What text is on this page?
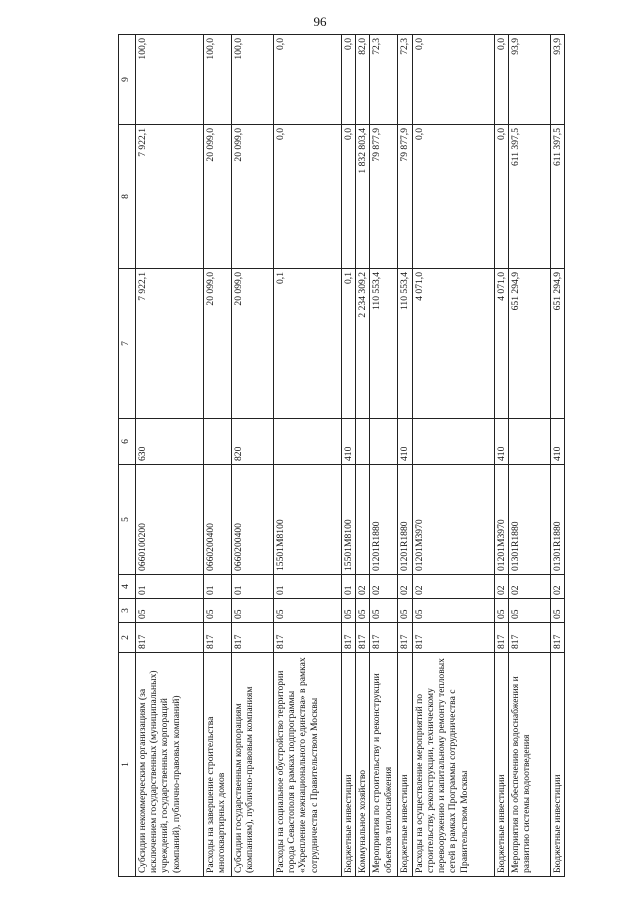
96
1	2	3	4	5	6	7	8	9
Субсидии некоммерческим организациям (за исключением государственных (муниципальных) учреждений, государственных корпораций (компаний), публично-правовых компаний)	817	05	01	0660100200	630	7 922,1	7 922,1	100,0
Расходы на завершение строительства многоквартирных домов	817	05	01	0660200400		20 099,0	20 099,0	100,0
Субсидии государственным корпорациям (компаниям), публично-правовым компаниям	817	05	01	0660200400	820	20 099,0	20 099,0	100,0
Расходы на социальное обустройство территории города Севастополя в рамках подпрограммы «Укрепление межнационального единства» в рамках сотрудничества с Правительством Москвы	817	05	01	15501M8100		0,1	0,0	0,0
Бюджетные инвестиции	817	05	01	15501M8100	410	0,1	0,0	0,0
Коммунальное хозяйство	817	05	02			2 234 309,2	1 832 803,4	82,0
Мероприятия по строительству и реконструкции объектов теплоснабжения	817	05	02	01201R1880		110 553,4	79 877,9	72,3
Бюджетные инвестиции	817	05	02	01201R1880	410	110 553,4	79 877,9	72,3
Расходы на осуществление мероприятий по строительству, реконструкции, техническому перевооружению и капитальному ремонту тепловых сетей в рамках Программы сотрудничества с Правительством Москвы	817	05	02	01201M3970		4 071,0	0,0	0,0
Бюджетные инвестиции	817	05	02	01201M3970	410	4 071,0	0,0	0,0
Мероприятия по обеспечению водоснабжения и развитию системы водоотведения	817	05	02	01301R1880		651 294,9	611 397,5	93,9
Бюджетные инвестиции	817	05	02	01301R1880	410	651 294,9	611 397,5	93,9
